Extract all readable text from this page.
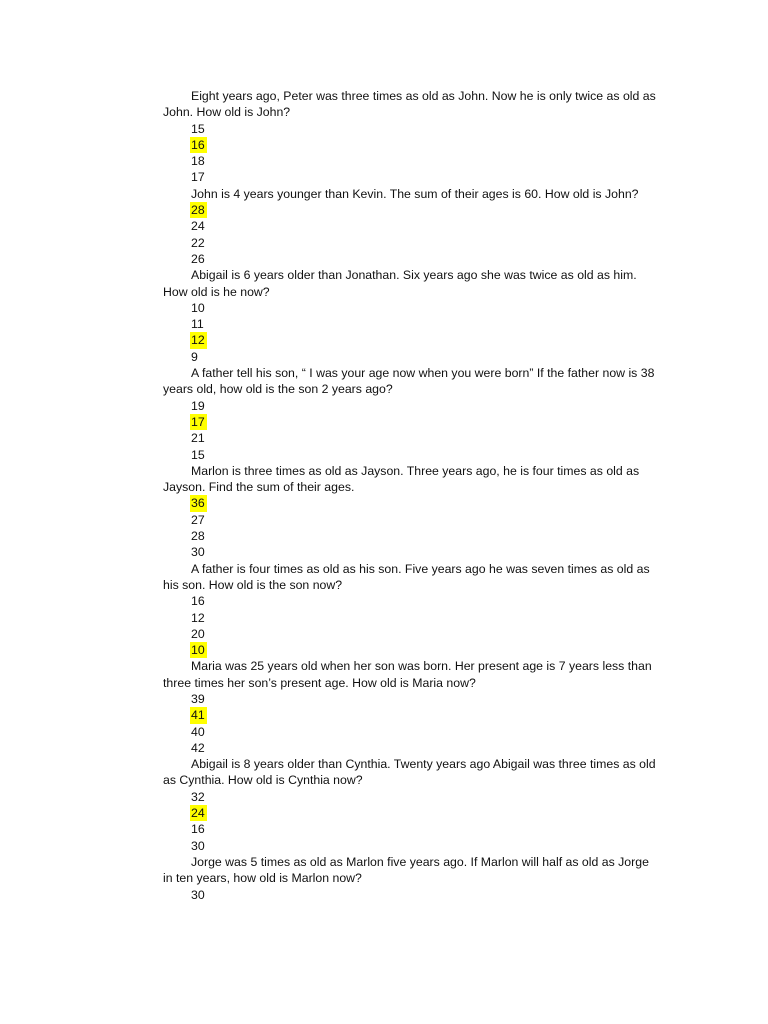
Eight years ago, Peter was three times as old as John. Now he is only twice as old as John. How old is John?
15
16
18
17
John is 4 years younger than Kevin. The sum of their ages is 60. How old is John?
28
24
22
26
Abigail is 6 years older than Jonathan. Six years ago she was twice as old as him. How old is he now?
10
11
12
9
A father tell his son, “ I was your age now when you were born” If the father now is 38 years old, how old is the son 2 years ago?
19
17
21
15
Marlon is three times as old as Jayson. Three years ago, he is four times as old as Jayson. Find the sum of their ages.
36
27
28
30
A father is four times as old as his son. Five years ago he was seven times as old as his son. How old is the son now?
16
12
20
10
Maria was 25 years old when her son was born. Her present age is 7 years less than three times her son’s present age. How old is Maria now?
39
41
40
42
Abigail is 8 years older than Cynthia. Twenty years ago Abigail was three times as old as Cynthia. How old is Cynthia now?
32
24
16
30
Jorge was 5 times as old as Marlon five years ago. If Marlon will half as old as Jorge in ten years, how old is Marlon now?
30
